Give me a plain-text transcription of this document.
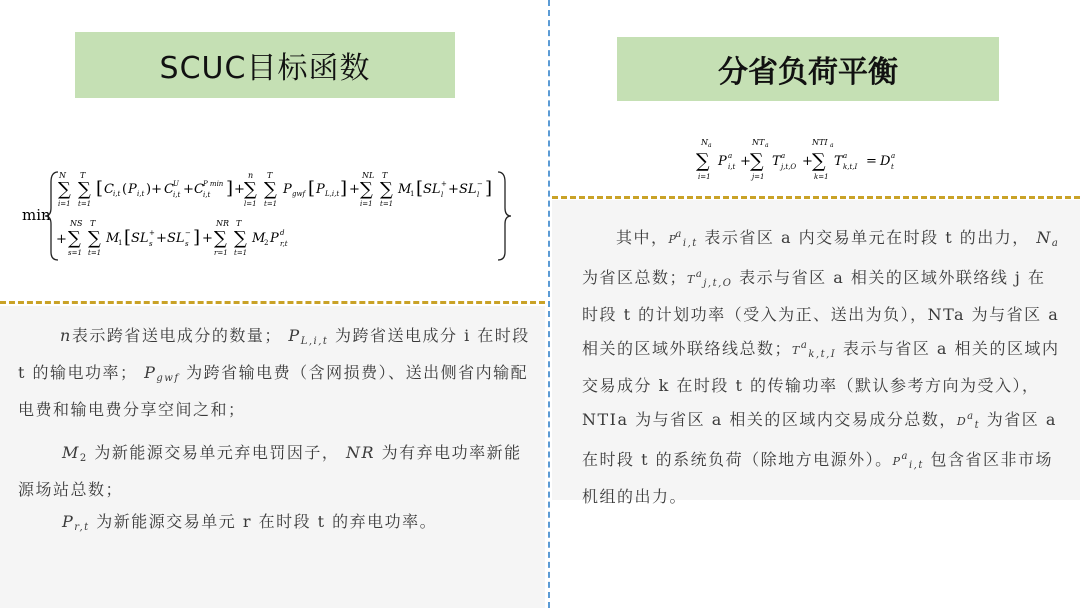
SCUC目标函数
min
N
∑
i=1
T
∑
t=1
[ C i,t ( P i,t )+ C U
i,t + C P min
i,t ] +
n
∑
l=1
T
∑
t=1
P gwf [ P L,i,t ] +
NL
∑
i=1
T
∑
t=1
M
1 [ SL +
l + SL −
l ]
+
NS
∑
s=1
T
∑
t=1
M
1 [ SL +
s + SL −
s ] +
NR
∑
r=1
T
∑
t=1
M
2 P d
r,t

n表示跨省送电成分的数量； $P_{L,i,t}$ 为跨省送电成分 i 在时段 t 的输电功率； $P_{gwf}$ 为跨省输电费（含网损费）、送出侧省内输配电费和输电费分享空间之和；

$M_2$ 为新能源交易单元弃电罚因子， NR 为有弃电功率新能源场站总数；

$P_{r,t}$ 为新能源交易单元 r 在时段 t 的弃电功率。

分省负荷平衡
N a
∑
i=1
P a
i,t +
NT a
∑
j=1
T a
j,t,O +
NTI a
∑
k=1
T a
k,t,I = D a
t

其中，$P^a_{i,t}$ 表示省区 a 内交易单元在时段 t 的出力， $N_a$ 为省区总数；$T^a_{j,t,O}$ 表示与省区 a 相关的区域外联络线 j 在时段 t 的计划功率（受入为正、送出为负），NTa 为与省区 a 相关的区域外联络线总数；$T^a_{k,t,I}$ 表示与省区 a 相关的区域内交易成分 k 在时段 t 的传输功率（默认参考方向为受入），NTIa 为与省区 a 相关的区域内交易成分总数，$D^a_t$ 为省区 a 在时段 t 的系统负荷（除地方电源外）。$P^a_{i,t}$ 包含省区非市场机组的出力。
